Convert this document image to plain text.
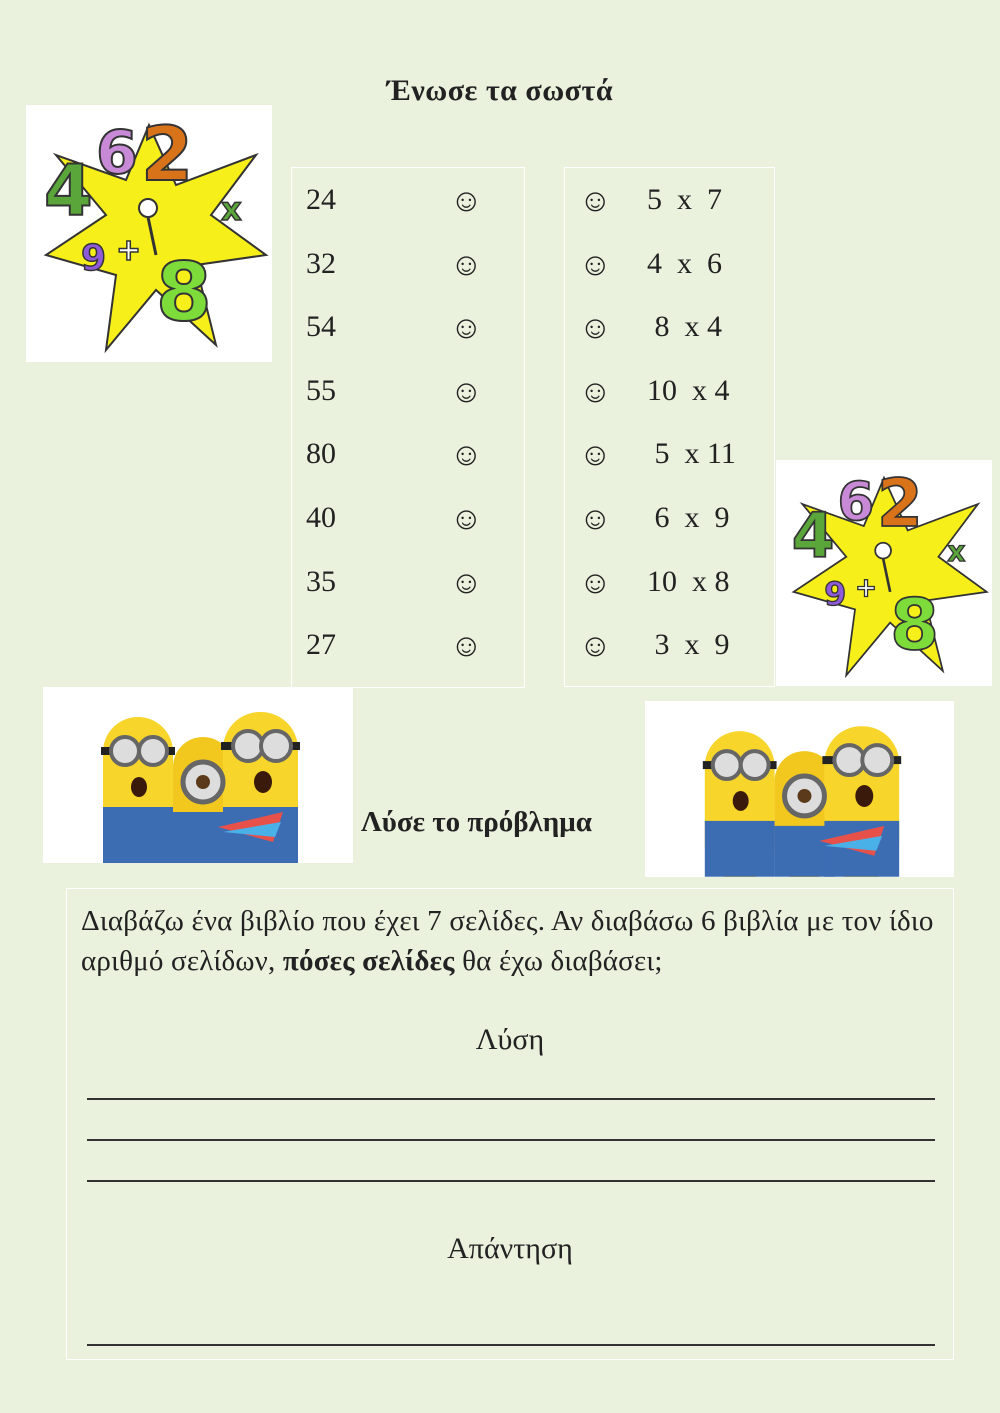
Ένωσε τα σωστά
4 6 2
8
9 +
x 24	☺
32	☺
54	☺
55	☺
80	☺
40	☺
35	☺
27	☺
☺ 5  x  7
☺ 4  x  6
☺ 8  x 4
☺ 10  x 4
☺ 5  x 11
☺ 6  x  9
☺ 10  x 8
☺ 3  x  9
4 6 2
8
9 +
x
Λύσε το πρόβλημα
Διαβάζω ένα βιβλίο που έχει 7 σελίδες. Αν διαβάσω 6 βιβλία με τον ίδιο αριθμό σελίδων, πόσες σελίδες θα έχω διαβάσει;
Λύση
Απάντηση
